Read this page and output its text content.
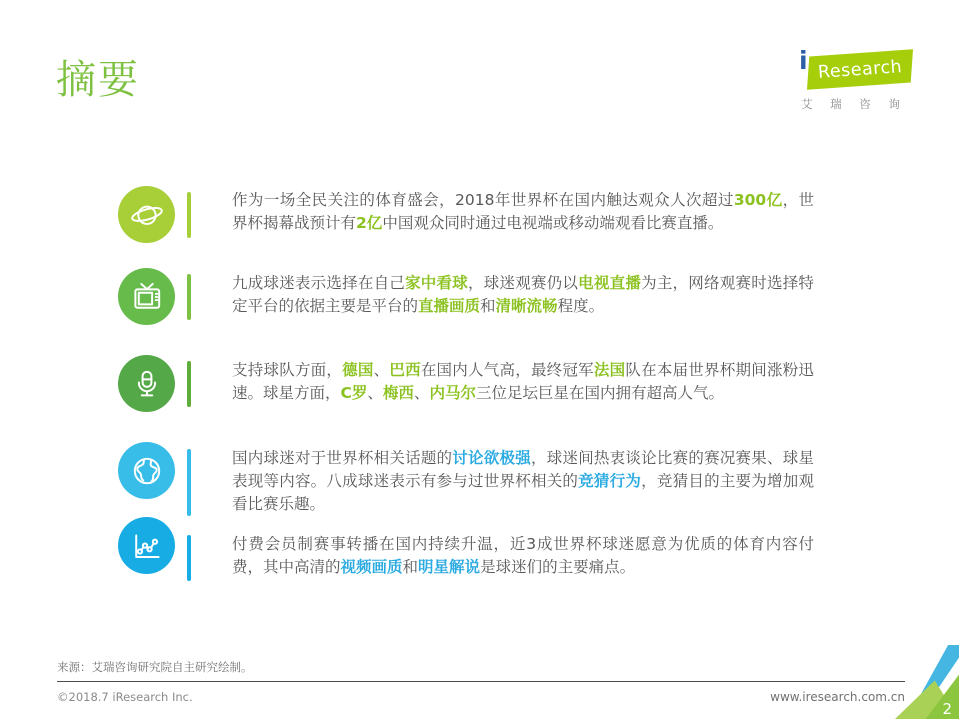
摘要	i Research
艾 瑞 咨 询

作为一场全民关注的体育盛会，2018年世界杯在国内触达观众人次超过300亿，世界杯揭幕战预计有2亿中国观众同时通过电视端或移动端观看比赛直播。

九成球迷表示选择在自己家中看球，球迷观赛仍以电视直播为主，网络观赛时选择特定平台的依据主要是平台的直播画质和清晰流畅程度。

支持球队方面，德国、巴西在国内人气高，最终冠军法国队在本届世界杯期间涨粉迅速。球星方面，C罗、梅西、内马尔三位足坛巨星在国内拥有超高人气。

国内球迷对于世界杯相关话题的讨论欲极强，球迷间热衷谈论比赛的赛况赛果、球星表现等内容。八成球迷表示有参与过世界杯相关的竞猜行为，竞猜目的主要为增加观看比赛乐趣。

付费会员制赛事转播在国内持续升温，近3成世界杯球迷愿意为优质的体育内容付费，其中高清的视频画质和明星解说是球迷们的主要痛点。

来源：艾瑞咨询研究院自主研究绘制。
©2018.7 iResearch Inc.	www.iresearch.com.cn
2
